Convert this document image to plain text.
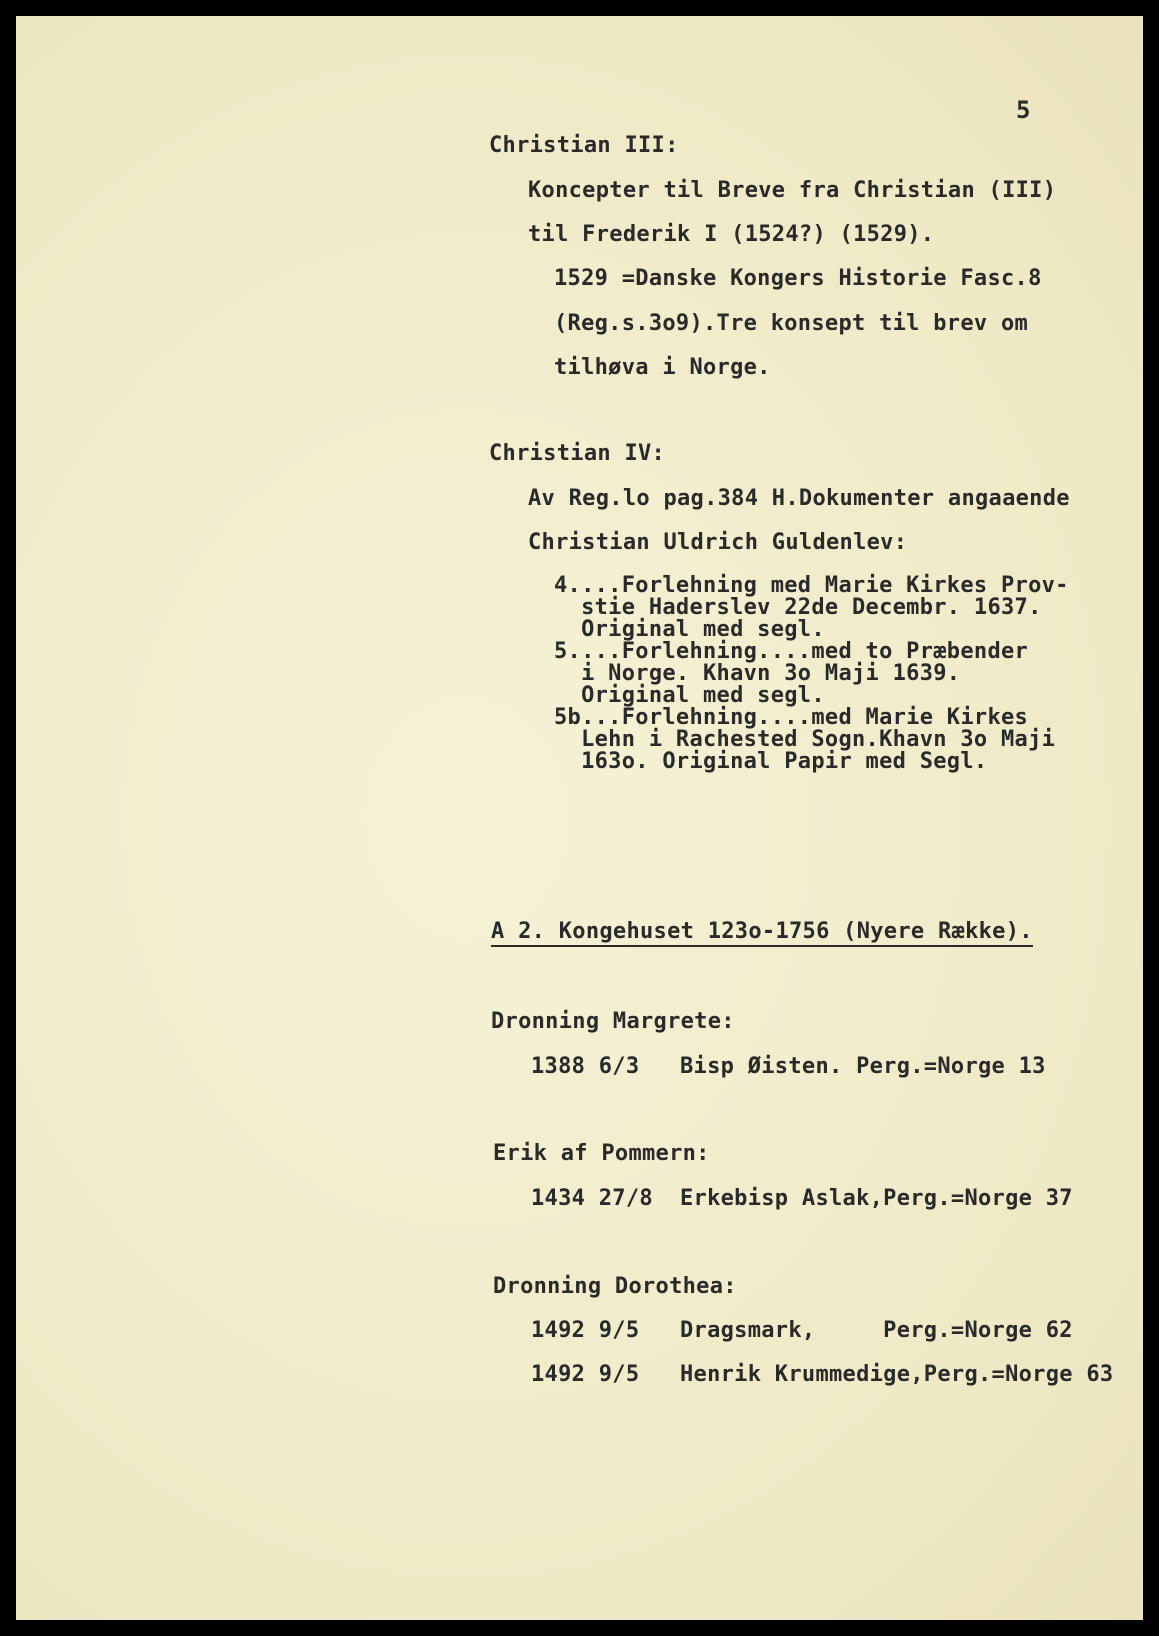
5
Christian III:
Koncepter til Breve fra Christian (III)
til Frederik I (1524?) (1529).
1529 =Danske Kongers Historie Fasc.8
(Reg.s.3o9).Tre konsept til brev om
tilhøva i Norge.
Christian IV:
Av Reg.lo pag.384 H.Dokumenter angaaende
Christian Uldrich Guldenlev:
4....Forlehning med Marie Kirkes Prov-
stie Haderslev 22de Decembr. 1637.
Original med segl.
5....Forlehning....med to Præbender
i Norge. Khavn 3o Maji 1639.
Original med segl.
5b...Forlehning....med Marie Kirkes
Lehn i Rachested Sogn.Khavn 3o Maji
163o. Original Papir med Segl.
A 2. Kongehuset 123o-1756 (Nyere Række).
Dronning Margrete:
1388 6/3   Bisp Øisten. Perg.=Norge 13
Erik af Pommern:
1434 27/8  Erkebisp Aslak,Perg.=Norge 37
Dronning Dorothea:
1492 9/5   Dragsmark,     Perg.=Norge 62
1492 9/5   Henrik Krummedige,Perg.=Norge 63
